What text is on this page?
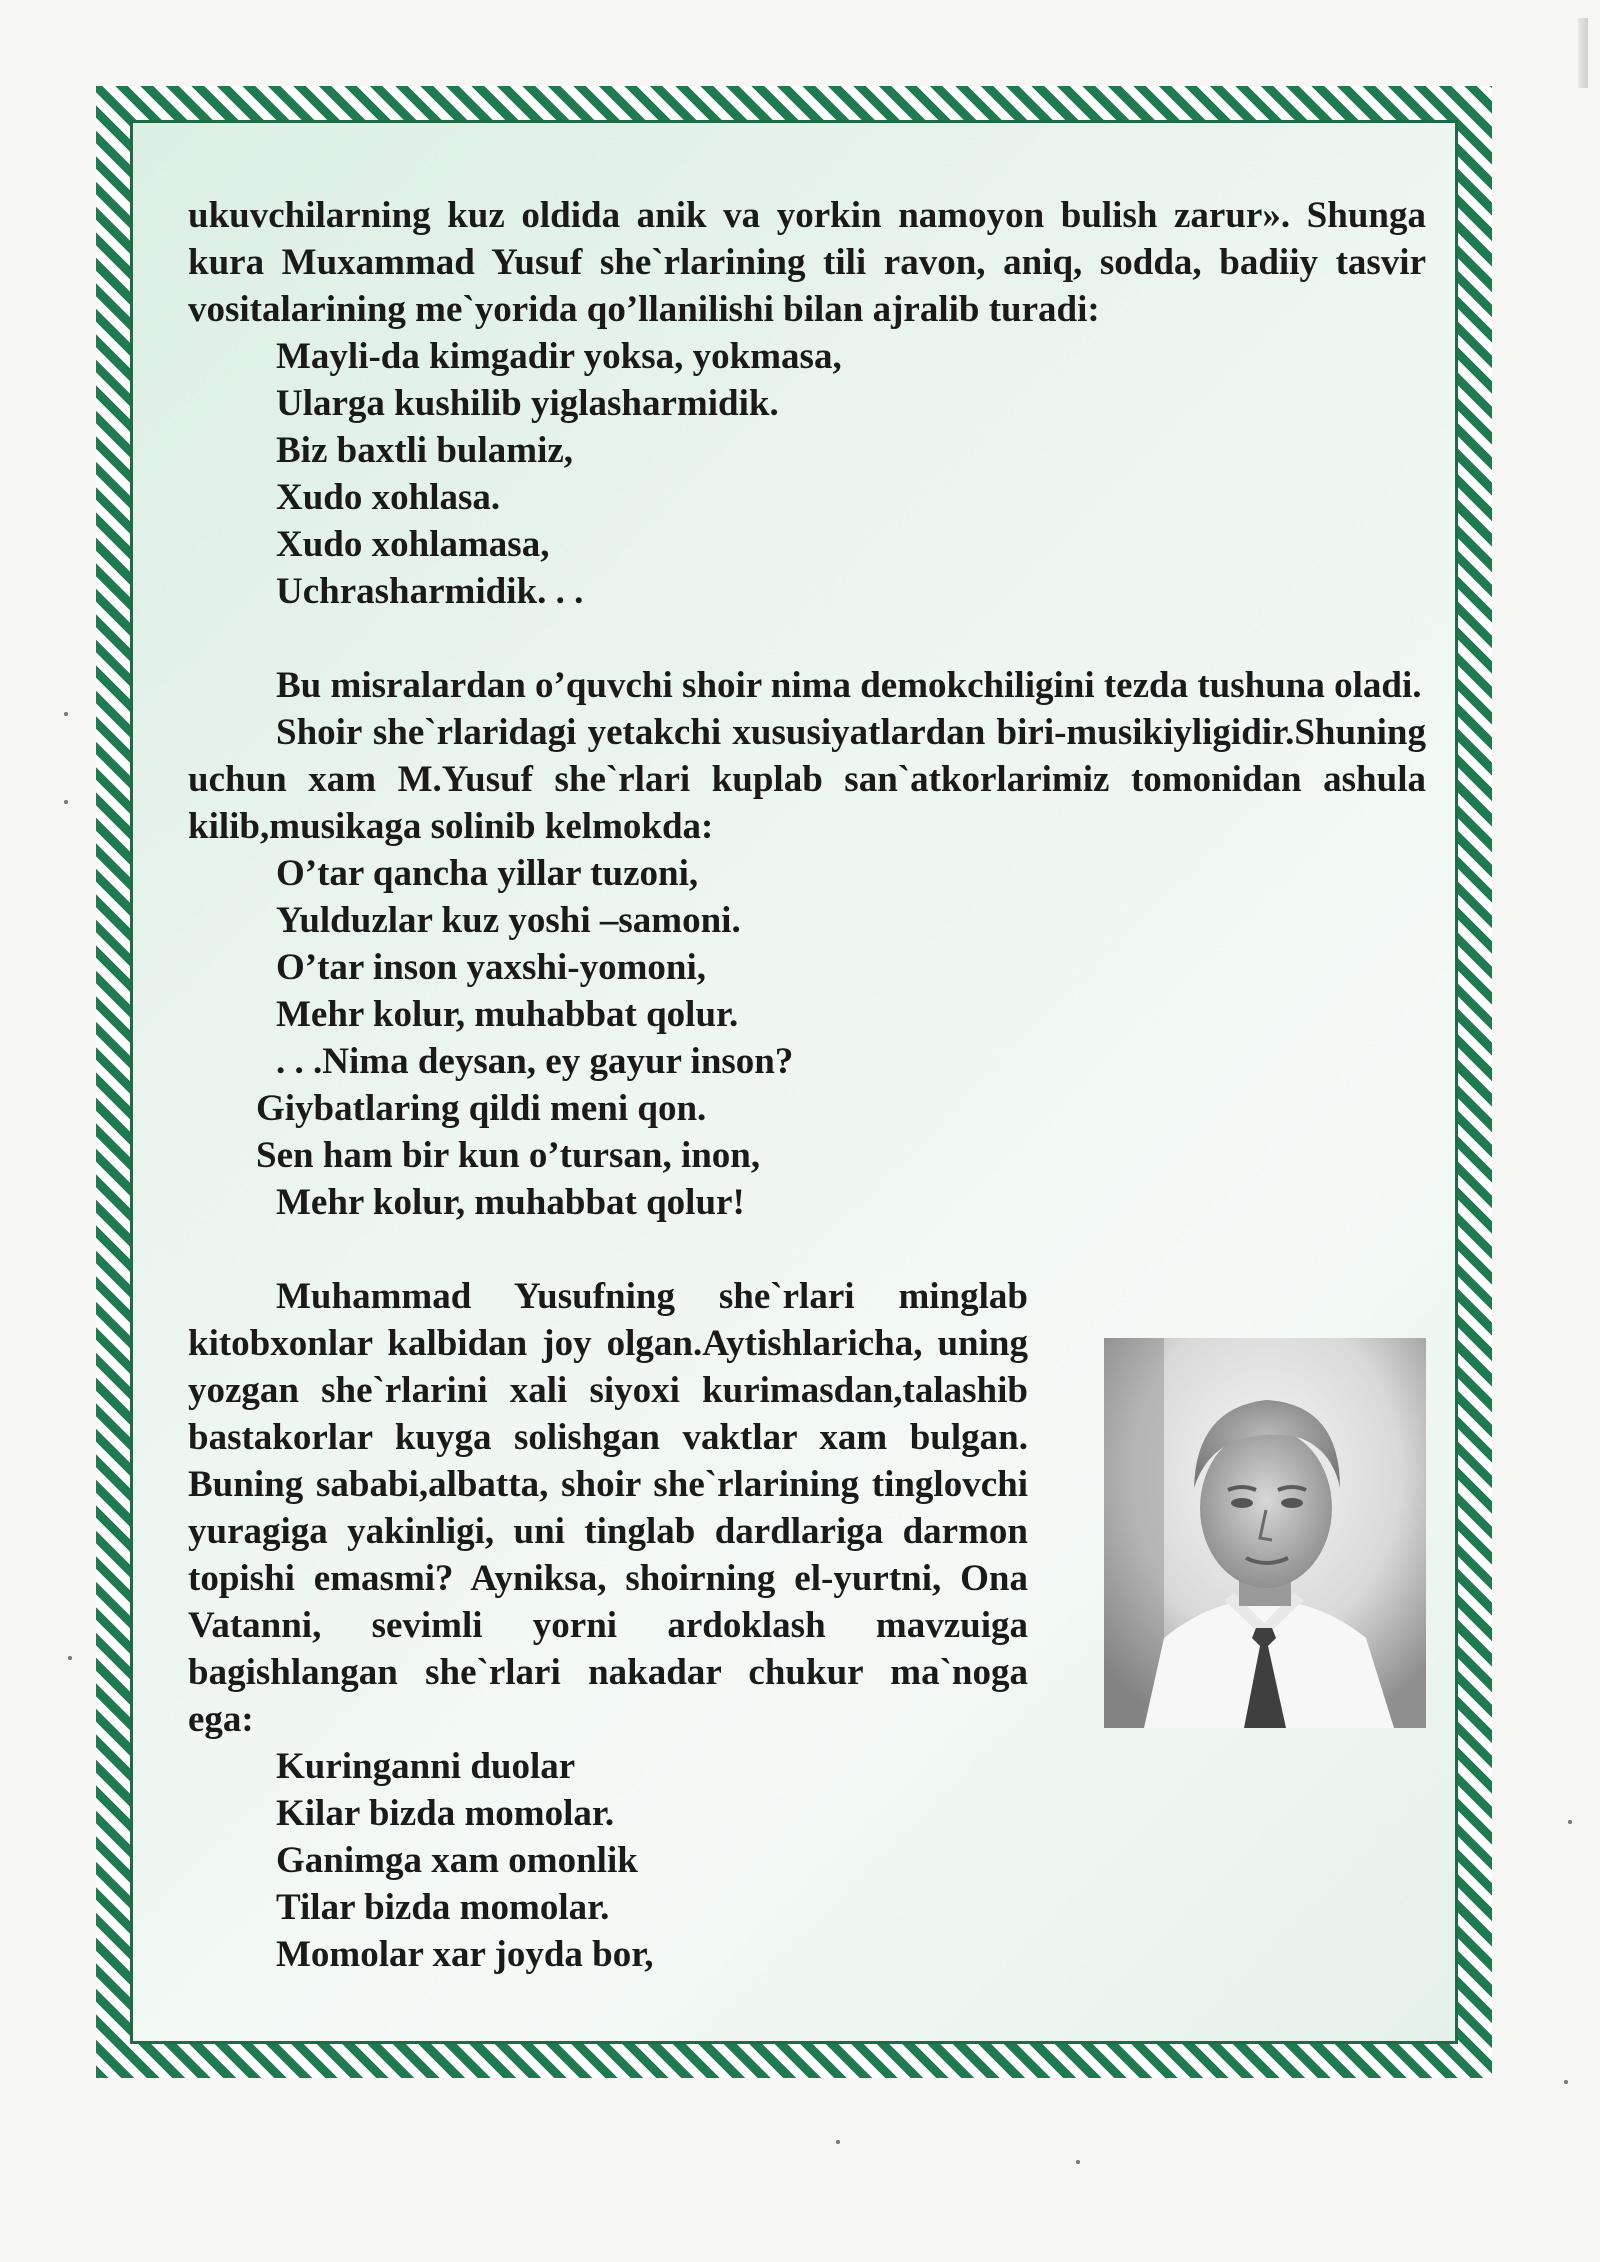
ukuvchilarning kuz oldida anik va yorkin namoyon bulish zarur». Shunga kura Muxammad Yusuf she`rlarining tili ravon, aniq, sodda, badiiy tasvir vositalarining me`yorida qo’llanilishi bilan ajralib turadi:

Mayli-da kimgadir yoksa, yokmasa,
Ularga kushilib yiglasharmidik.
Biz baxtli bulamiz,
Xudo xohlasa.
Xudo xohlamasa,
Uchrasharmidik. . .

Bu misralardan o’quvchi shoir nima demokchiligini tezda tushuna oladi.

Shoir she`rlaridagi yetakchi xususiyatlardan biri-musikiyligidir.Shuning uchun xam M.Yusuf she`rlari kuplab san`atkorlarimiz tomonidan ashula kilib,musikaga solinib kelmokda:

O’tar qancha yillar tuzoni,
Yulduzlar kuz yoshi –samoni.
O’tar inson yaxshi-yomoni,
Mehr kolur, muhabbat qolur.
. . .Nima deysan, ey gayur inson?
Giybatlaring qildi meni qon.
Sen ham bir kun o’tursan, inon,
Mehr kolur, muhabbat qolur!

Muhammad Yusufning she`rlari minglab kitobxonlar kalbidan joy olgan.Aytishlaricha, uning yozgan she`rlarini xali siyoxi kurimasdan,talashib bastakorlar kuyga solishgan vaktlar xam bulgan. Buning sababi,albatta, shoir she`rlarining tinglovchi yuragiga yakinligi, uni tinglab dardlariga darmon topishi emasmi? Ayniksa, shoirning el-yurtni, Ona Vatanni, sevimli yorni ardoklash mavzuiga bagishlangan she`rlari nakadar chukur ma`noga ega:

Kuringanni duolar
Kilar bizda momolar.
Ganimga xam omonlik
Tilar bizda momolar.
Momolar xar joyda bor,
